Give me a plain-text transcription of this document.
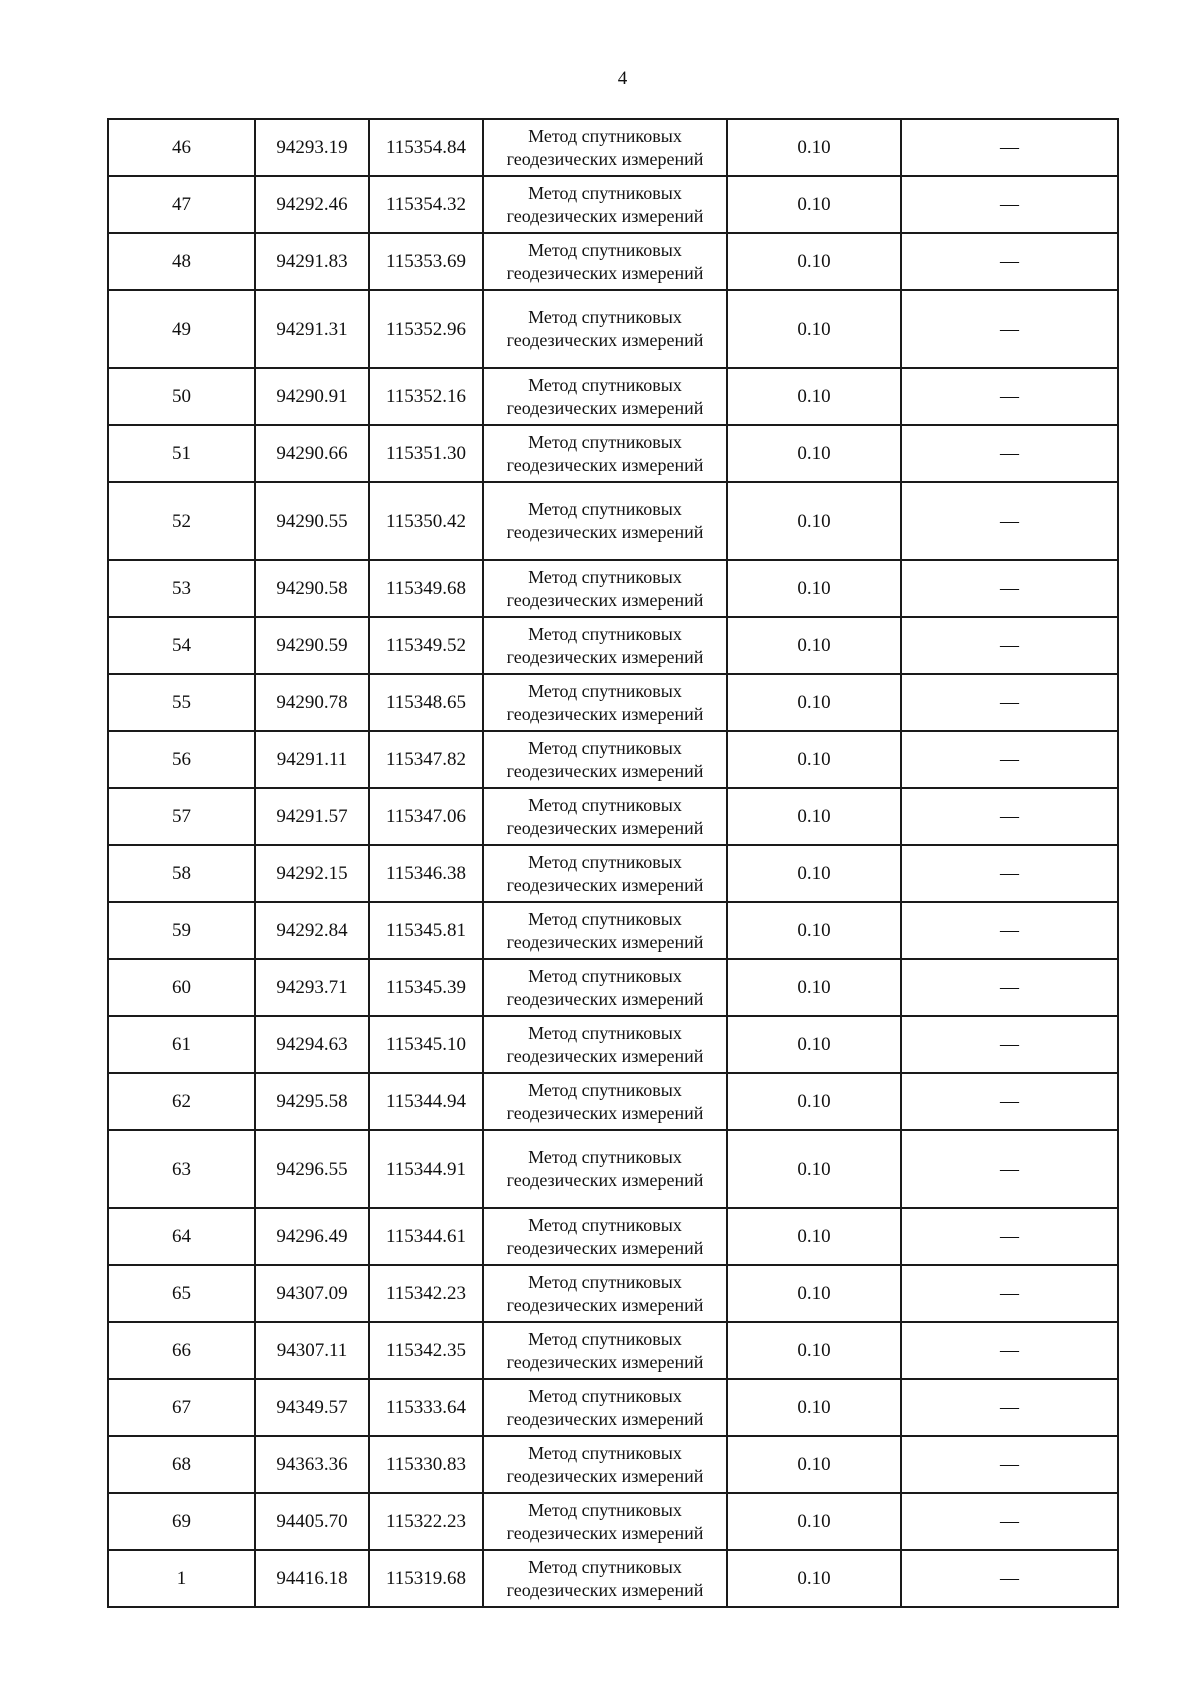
4
46	94293.19	115354.84	Метод спутниковых геодезических измерений	0.10	—
47	94292.46	115354.32	Метод спутниковых геодезических измерений	0.10	—
48	94291.83	115353.69	Метод спутниковых геодезических измерений	0.10	—
49	94291.31	115352.96	Метод спутниковых геодезических измерений	0.10	—
50	94290.91	115352.16	Метод спутниковых геодезических измерений	0.10	—
51	94290.66	115351.30	Метод спутниковых геодезических измерений	0.10	—
52	94290.55	115350.42	Метод спутниковых геодезических измерений	0.10	—
53	94290.58	115349.68	Метод спутниковых геодезических измерений	0.10	—
54	94290.59	115349.52	Метод спутниковых геодезических измерений	0.10	—
55	94290.78	115348.65	Метод спутниковых геодезических измерений	0.10	—
56	94291.11	115347.82	Метод спутниковых геодезических измерений	0.10	—
57	94291.57	115347.06	Метод спутниковых геодезических измерений	0.10	—
58	94292.15	115346.38	Метод спутниковых геодезических измерений	0.10	—
59	94292.84	115345.81	Метод спутниковых геодезических измерений	0.10	—
60	94293.71	115345.39	Метод спутниковых геодезических измерений	0.10	—
61	94294.63	115345.10	Метод спутниковых геодезических измерений	0.10	—
62	94295.58	115344.94	Метод спутниковых геодезических измерений	0.10	—
63	94296.55	115344.91	Метод спутниковых геодезических измерений	0.10	—
64	94296.49	115344.61	Метод спутниковых геодезических измерений	0.10	—
65	94307.09	115342.23	Метод спутниковых геодезических измерений	0.10	—
66	94307.11	115342.35	Метод спутниковых геодезических измерений	0.10	—
67	94349.57	115333.64	Метод спутниковых геодезических измерений	0.10	—
68	94363.36	115330.83	Метод спутниковых геодезических измерений	0.10	—
69	94405.70	115322.23	Метод спутниковых геодезических измерений	0.10	—
1	94416.18	115319.68	Метод спутниковых геодезических измерений	0.10	—
